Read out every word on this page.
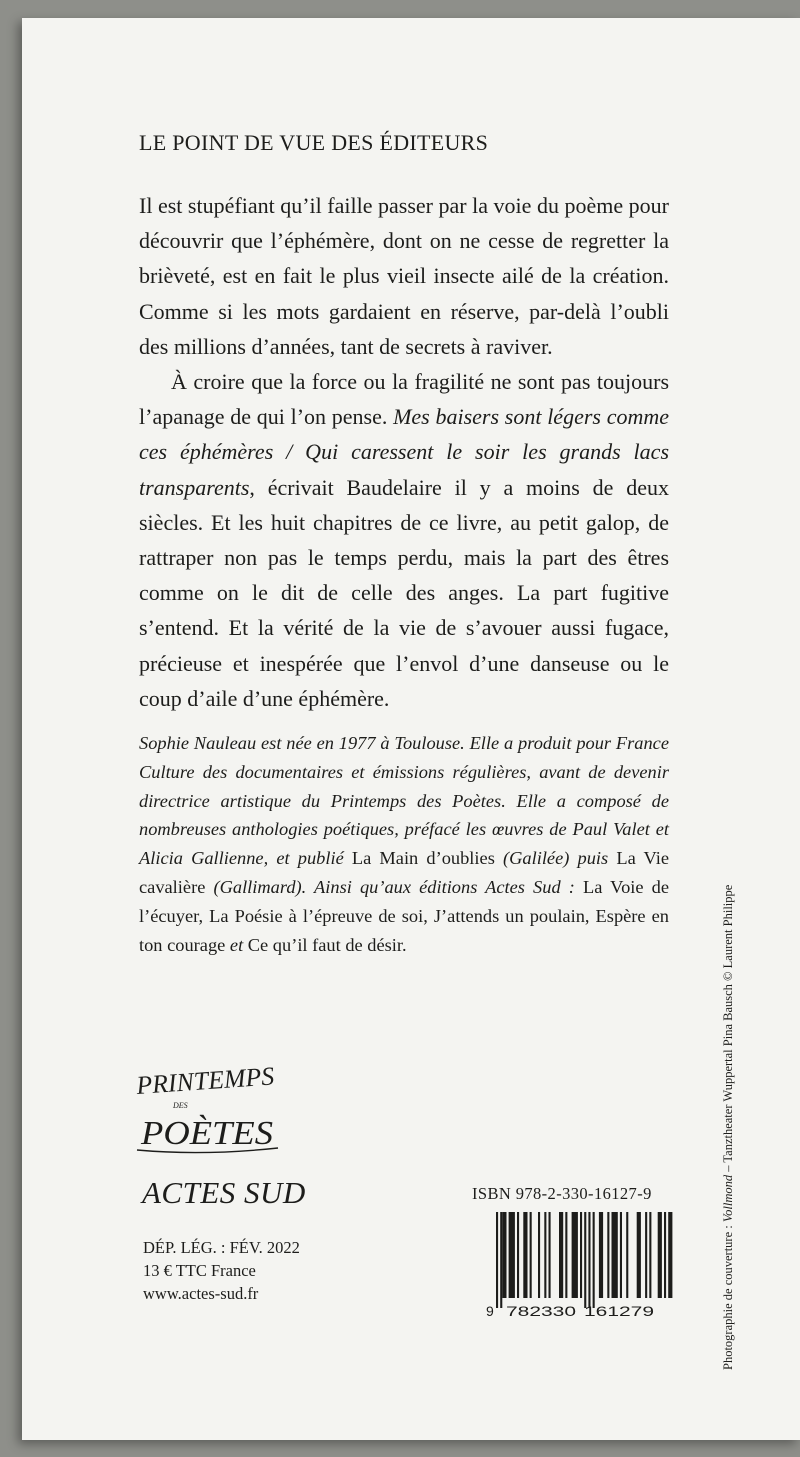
LE POINT DE VUE DES ÉDITEURS

Il est stupéfiant qu’il faille passer par la voie du poème pour découvrir que l’éphémère, dont on ne cesse de regretter la brièveté, est en fait le plus vieil insecte ailé de la création. Comme si les mots gardaient en réserve, par-delà l’oubli des millions d’années, tant de secrets à raviver.

À croire que la force ou la fragilité ne sont pas toujours l’apanage de qui l’on pense. Mes baisers sont légers comme ces éphémères / Qui caressent le soir les grands lacs transparents, écrivait Baudelaire il y a moins de deux siècles. Et les huit chapitres de ce livre, au petit galop, de rattraper non pas le temps perdu, mais la part des êtres comme on le dit de celle des anges. La part fugitive s’entend. Et la vérité de la vie de s’avouer aussi fugace, précieuse et inespérée que l’envol d’une danseuse ou le coup d’aile d’une éphémère.

Sophie Nauleau est née en 1977 à Toulouse. Elle a produit pour France Culture des documentaires et émissions régulières, avant de devenir directrice artistique du Printemps des Poètes. Elle a composé de nombreuses anthologies poétiques, préfacé les œuvres de Paul Valet et Alicia Gallienne, et publié La Main d’oublies (Galilée) puis La Vie cavalière (Gallimard). Ainsi qu’aux éditions Actes Sud : La Voie de l’écuyer, La Poésie à l’épreuve de soi, J’attends un poulain, Espère en ton courage et Ce qu’il faut de désir.

PRINTEMPS
DES
POÈTES
ACTES SUD
DÉP. LÉG. : FÉV. 2022
13 € TTC France
www.actes-sud.fr
ISBN 978-2-330-16127-9
9 782330 161279	Photographie de couverture : Vollmond – Tanztheater Wuppertal Pina Bausch © Laurent Philippe
